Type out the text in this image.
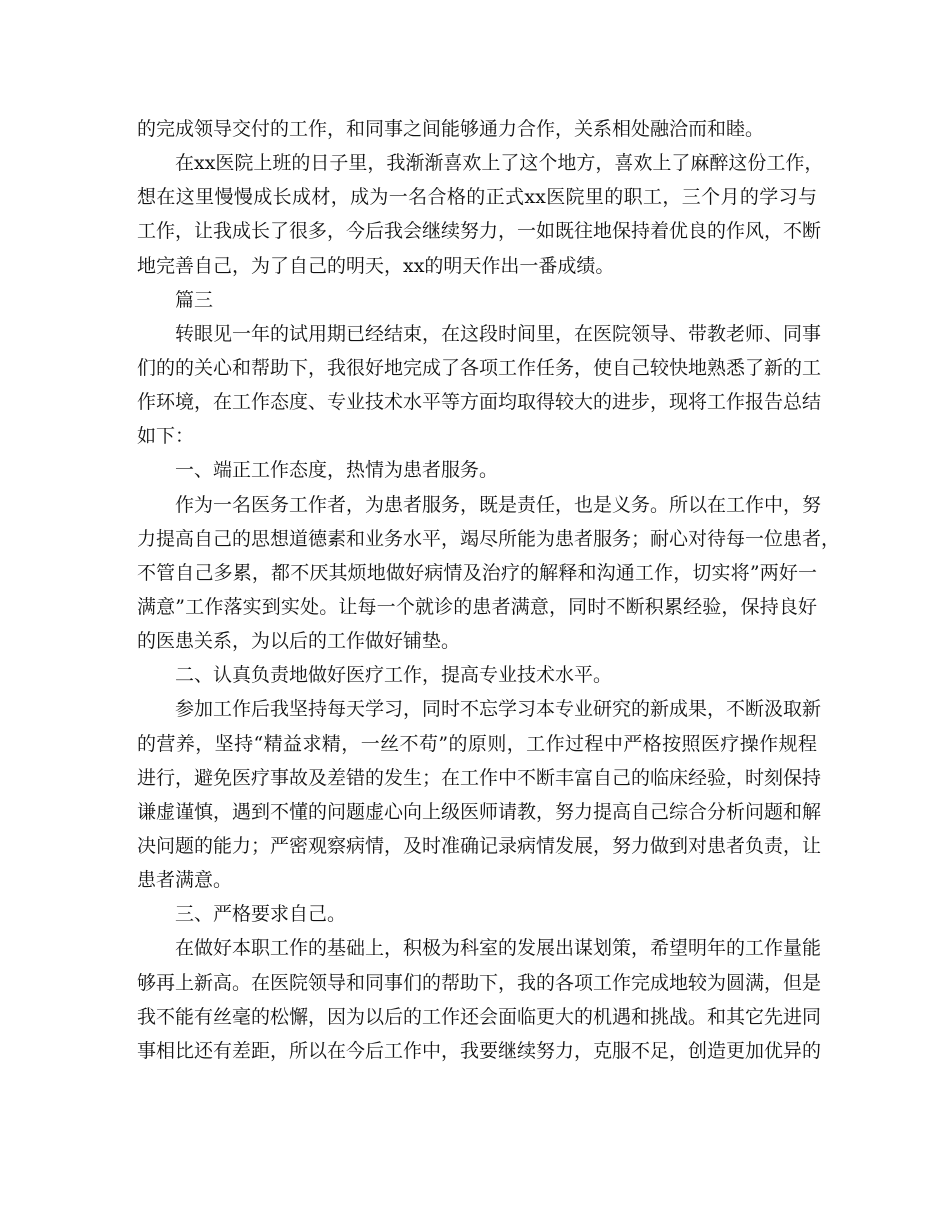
的完成领导交付的工作，和同事之间能够通力合作，关系相处融洽而和睦。
在xx医院上班的日子里，我渐渐喜欢上了这个地方，喜欢上了麻醉这份工作，
想在这里慢慢成长成材，成为一名合格的正式xx医院里的职工，三个月的学习与
工作，让我成长了很多，今后我会继续努力，一如既往地保持着优良的作风，不断
地完善自己，为了自己的明天，xx的明天作出一番成绩。
篇三
转眼见一年的试用期已经结束，在这段时间里，在医院领导、带教老师、同事
们的的关心和帮助下，我很好地完成了各项工作任务，使自己较快地熟悉了新的工
作环境，在工作态度、专业技术水平等方面均取得较大的进步，现将工作报告总结
如下：
一、端正工作态度，热情为患者服务。
作为一名医务工作者，为患者服务，既是责任，也是义务。所以在工作中，努
力提高自己的思想道德素和业务水平，竭尽所能为患者服务；耐心对待每一位患者，
不管自己多累，都不厌其烦地做好病情及治疗的解释和沟通工作，切实将”两好一
满意”工作落实到实处。让每一个就诊的患者满意，同时不断积累经验，保持良好
的医患关系，为以后的工作做好铺垫。
二、认真负责地做好医疗工作，提高专业技术水平。
参加工作后我坚持每天学习，同时不忘学习本专业研究的新成果，不断汲取新
的营养，坚持“精益求精，一丝不苟”的原则，工作过程中严格按照医疗操作规程
进行，避免医疗事故及差错的发生；在工作中不断丰富自己的临床经验，时刻保持
谦虚谨慎，遇到不懂的问题虚心向上级医师请教，努力提高自己综合分析问题和解
决问题的能力；严密观察病情，及时准确记录病情发展，努力做到对患者负责，让
患者满意。
三、严格要求自己。
在做好本职工作的基础上，积极为科室的发展出谋划策，希望明年的工作量能
够再上新高。在医院领导和同事们的帮助下，我的各项工作完成地较为圆满，但是
我不能有丝毫的松懈，因为以后的工作还会面临更大的机遇和挑战。和其它先进同
事相比还有差距，所以在今后工作中，我要继续努力，克服不足，创造更加优异的
